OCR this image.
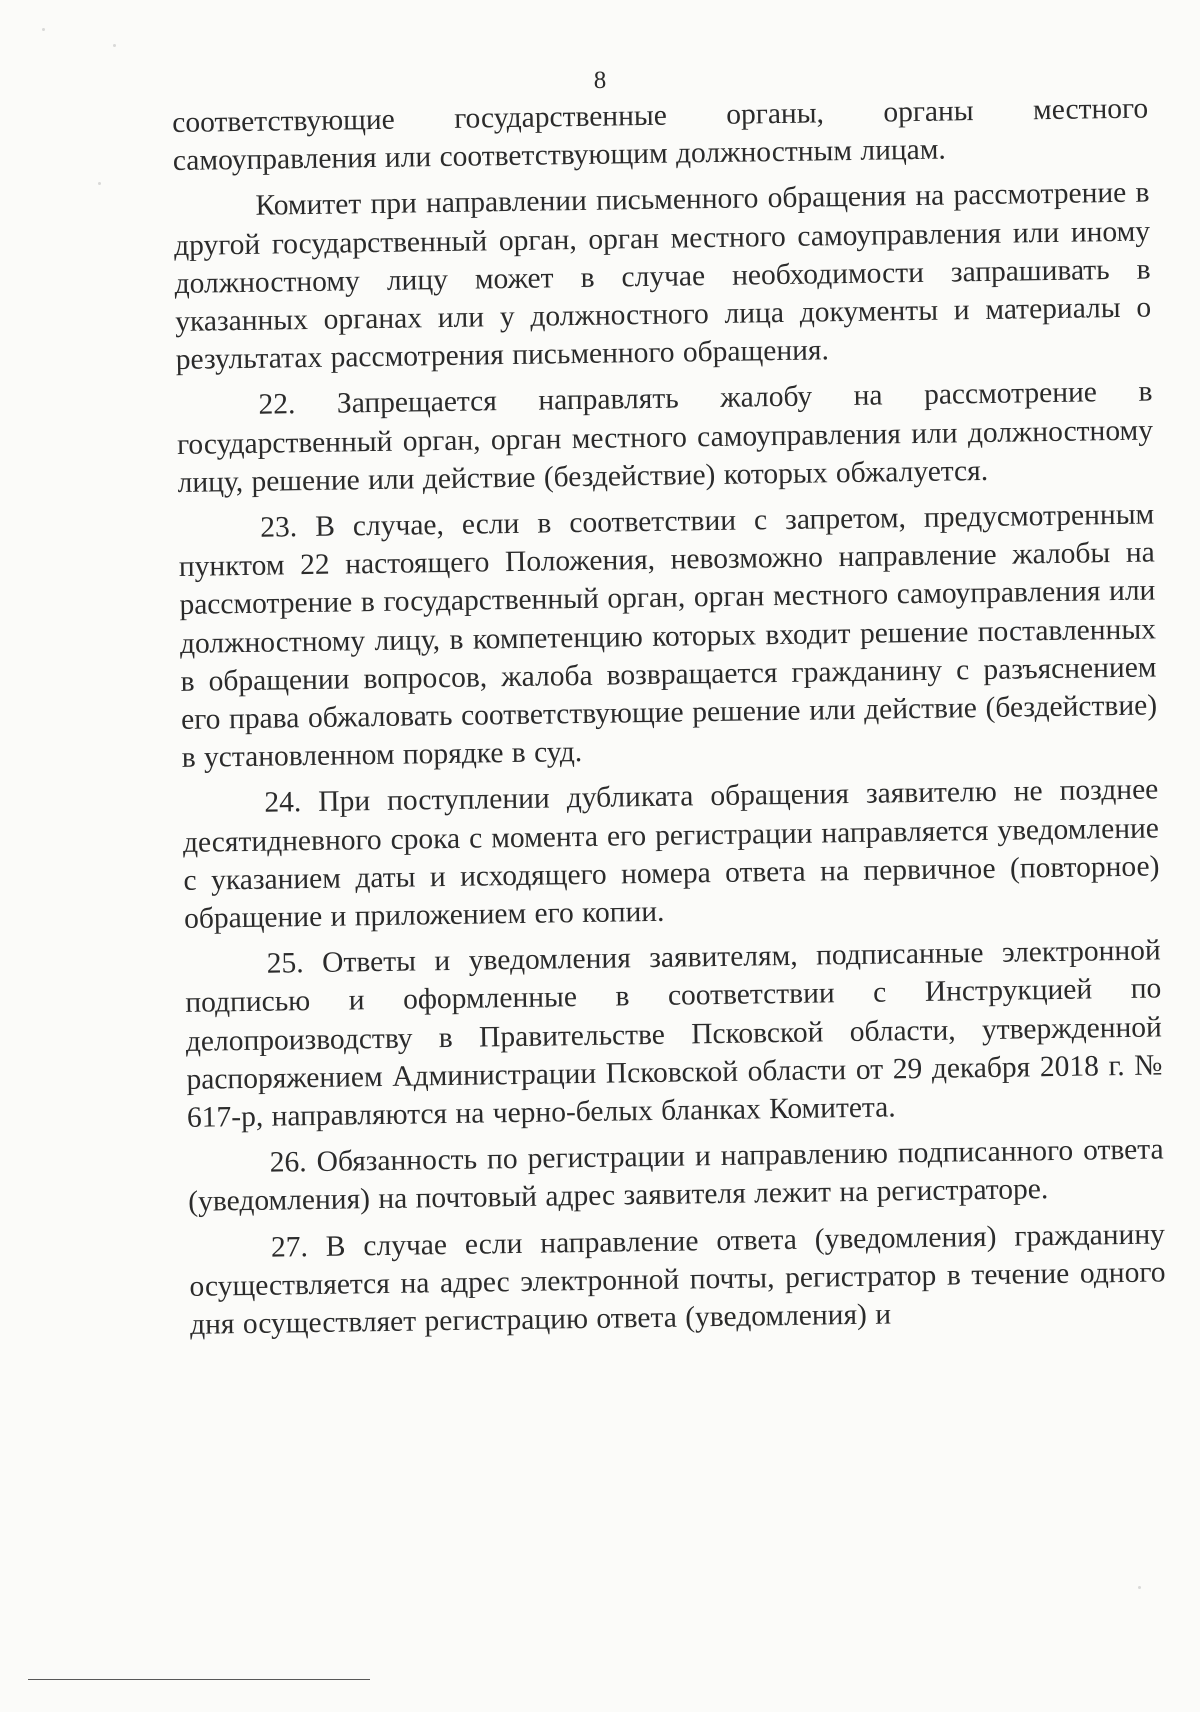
8

соответствующие государственные органы, органы местного самоуправления или соответствующим должностным лицам.

Комитет при направлении письменного обращения на рассмотрение в другой государственный орган, орган местного самоуправления или иному должностному лицу может в случае необходимости запрашивать в указанных органах или у должностного лица документы и материалы о результатах рассмотрения письменного обращения.

22. Запрещается направлять жалобу на рассмотрение в государственный орган, орган местного самоуправления или должностному лицу, решение или действие (бездействие) которых обжалуется.

23. В случае, если в соответствии с запретом, предусмотренным пунктом 22 настоящего Положения, невозможно направление жалобы на рассмотрение в государственный орган, орган местного самоуправления или должностному лицу, в компетенцию которых входит решение поставленных в обращении вопросов, жалоба возвращается гражданину с разъяснением его права обжаловать соответствующие решение или действие (бездействие) в установленном порядке в суд.

24. При поступлении дубликата обращения заявителю не позднее десятидневного срока с момента его регистрации направляется уведомление с указанием даты и исходящего номера ответа на первичное (повторное) обращение и приложением его копии.

25. Ответы и уведомления заявителям, подписанные электронной подписью и оформленные в соответствии с Инструкцией по делопроизводству в Правительстве Псковской области, утвержденной распоряжением Администрации Псковской области от 29 декабря 2018 г. № 617-р, направляются на черно-белых бланках Комитета.

26. Обязанность по регистрации и направлению подписанного ответа (уведомления) на почтовый адрес заявителя лежит на регистраторе.

27. В случае если направление ответа (уведомления) гражданину осуществляется на адрес электронной почты, регистратор в течение одного дня осуществляет регистрацию ответа (уведомления) и
